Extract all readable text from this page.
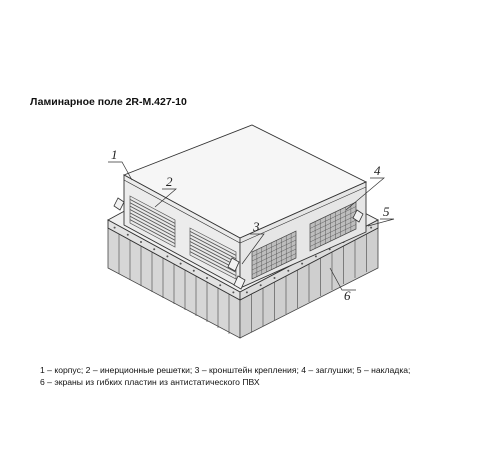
Ламинарное поле 2R-M.427-10
1
2
3
4
5
6
1 – корпус; 2 – инерционные решетки; 3 – кронштейн крепления; 4 – заглушки; 5 – накладка;
6 – экраны из гибких пластин из антистатического ПВХ
